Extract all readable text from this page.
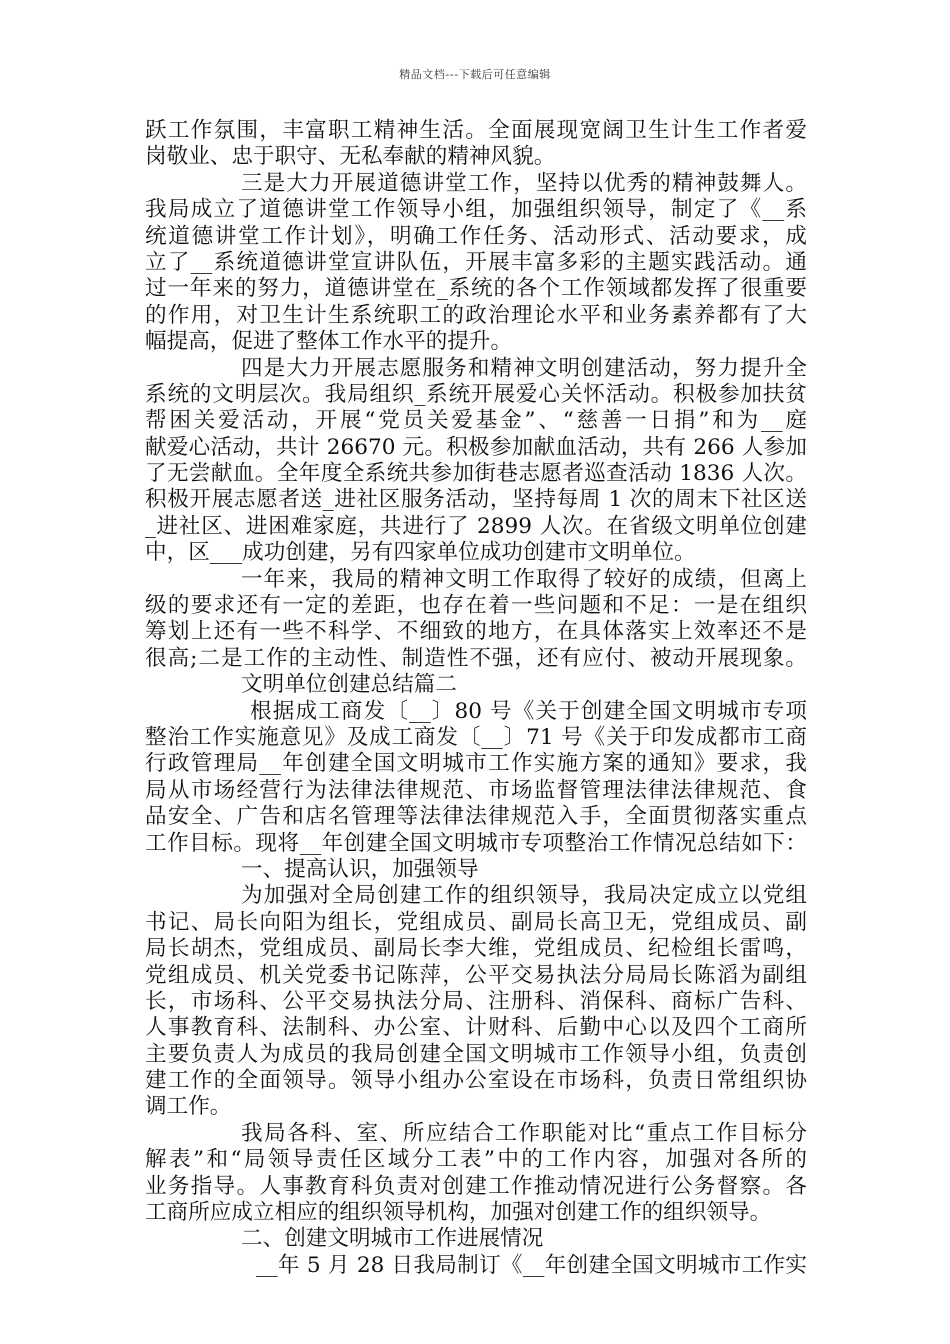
精品文档---下载后可任意编辑
跃工作氛围，丰富职工精神生活。全面展现宽阔卫生计生工作者爱
岗敬业、忠于职守、无私奉献的精神风貌。
三是大力开展道德讲堂工作，坚持以优秀的精神鼓舞人。
我局成立了道德讲堂工作领导小组，加强组织领导，制定了《__系
统道德讲堂工作计划》，明确工作任务、活动形式、活动要求，成
立了__系统道德讲堂宣讲队伍，开展丰富多彩的主题实践活动。通
过一年来的努力，道德讲堂在_系统的各个工作领域都发挥了很重要
的作用，对卫生计生系统职工的政治理论水平和业务素养都有了大
幅提高，促进了整体工作水平的提升。
四是大力开展志愿服务和精神文明创建活动，努力提升全
系统的文明层次。我局组织_系统开展爱心关怀活动。积极参加扶贫
帮困关爱活动，开展“党员关爱基金”、“慈善一日捐”和为__庭
献爱心活动，共计 26670 元。积极参加献血活动，共有 266 人参加
了无尝献血。全年度全系统共参加街巷志愿者巡查活动 1836 人次。
积极开展志愿者送_进社区服务活动，坚持每周 1 次的周末下社区送
_进社区、进困难家庭，共进行了 2899 人次。在省级文明单位创建
中，区___成功创建，另有四家单位成功创建市文明单位。
一年来，我局的精神文明工作取得了较好的成绩，但离上
级的要求还有一定的差距，也存在着一些问题和不足：一是在组织
筹划上还有一些不科学、不细致的地方，在具体落实上效率还不是
很高;二是工作的主动性、制造性不强，还有应付、被动开展现象。
文明单位创建总结篇二
根据成工商发〔__〕80 号《关于创建全国文明城市专项
整治工作实施意见》及成工商发〔__〕71 号《关于印发成都市工商
行政管理局__年创建全国文明城市工作实施方案的通知》要求，我
局从市场经营行为法律法律规范、市场监督管理法律法律规范、食
品安全、广告和店名管理等法律法律规范入手，全面贯彻落实重点
工作目标。现将__年创建全国文明城市专项整治工作情况总结如下：
一、提高认识，加强领导
为加强对全局创建工作的组织领导，我局决定成立以党组
书记、局长向阳为组长，党组成员、副局长高卫无，党组成员、副
局长胡杰，党组成员、副局长李大维，党组成员、纪检组长雷鸣，
党组成员、机关党委书记陈萍，公平交易执法分局局长陈滔为副组
长，市场科、公平交易执法分局、注册科、消保科、商标广告科、
人事教育科、法制科、办公室、计财科、后勤中心以及四个工商所
主要负责人为成员的我局创建全国文明城市工作领导小组，负责创
建工作的全面领导。领导小组办公室设在市场科，负责日常组织协
调工作。
我局各科、室、所应结合工作职能对比“重点工作目标分
解表”和“局领导责任区域分工表”中的工作内容，加强对各所的
业务指导。人事教育科负责对创建工作推动情况进行公务督察。各
工商所应成立相应的组织领导机构，加强对创建工作的组织领导。
二、创建文明城市工作进展情况
__年 5 月 28 日我局制订《__年创建全国文明城市工作实
